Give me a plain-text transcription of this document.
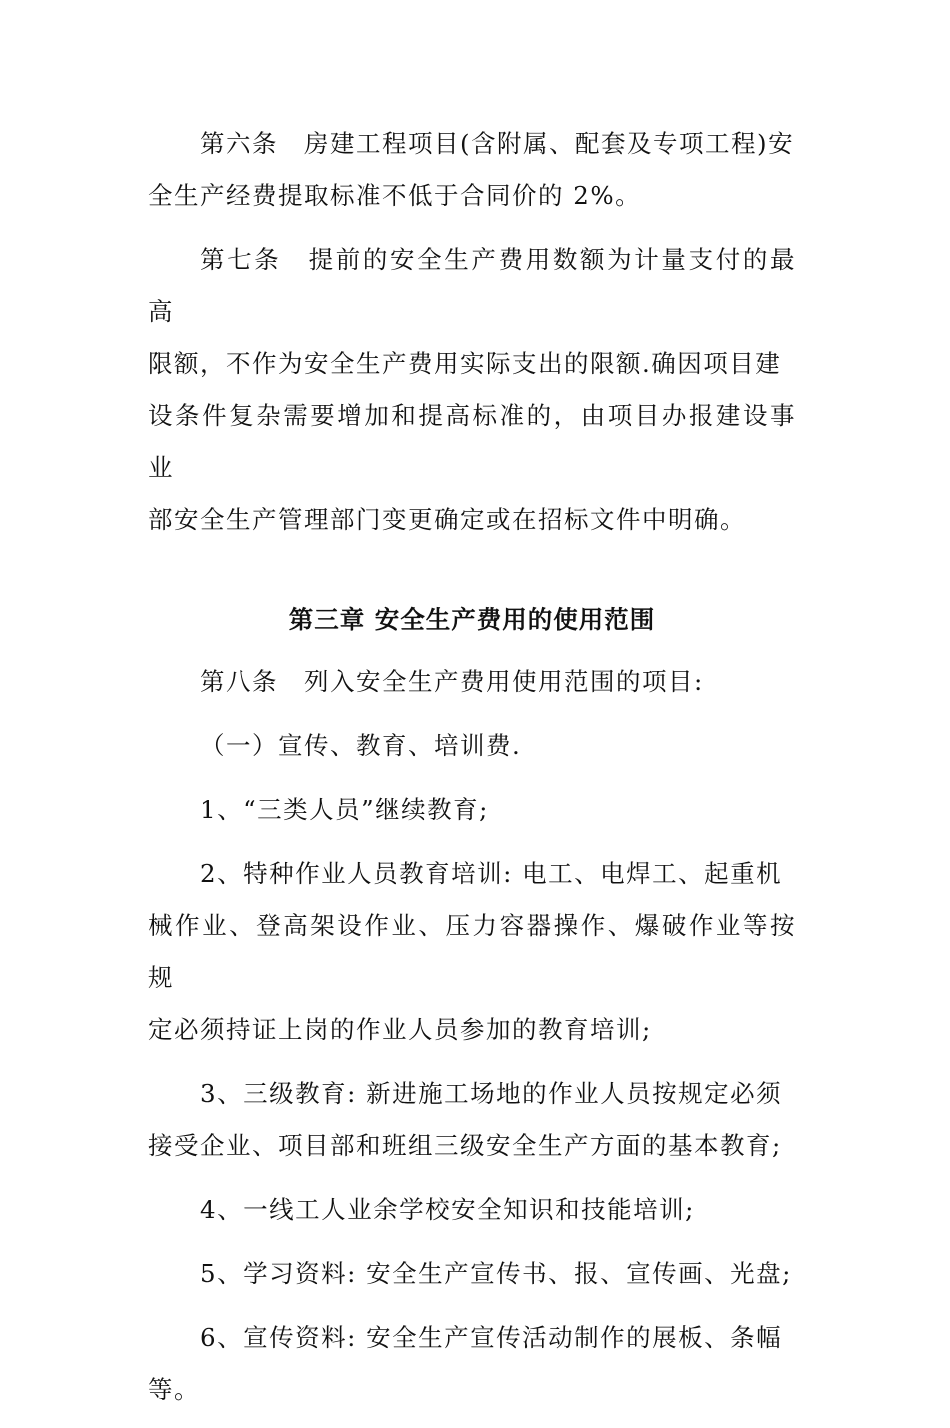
第六条 房建工程项目(含附属、配套及专项工程)安
全生产经费提取标准不低于合同价的 2%。

第七条 提前的安全生产费用数额为计量支付的最高
限额，不作为安全生产费用实际支出的限额.确因项目建
设条件复杂需要增加和提高标准的，由项目办报建设事业
部安全生产管理部门变更确定或在招标文件中明确。

第三章 安全生产费用的使用范围

第八条 列入安全生产费用使用范围的项目:

（一）宣传、教育、培训费.

1、“三类人员”继续教育;

2、特种作业人员教育培训: 电工、电焊工、起重机
械作业、登高架设作业、压力容器操作、爆破作业等按规
定必须持证上岗的作业人员参加的教育培训;

3、三级教育: 新进施工场地的作业人员按规定必须
接受企业、项目部和班组三级安全生产方面的基本教育;

4、一线工人业余学校安全知识和技能培训;

5、学习资料: 安全生产宣传书、报、宣传画、光盘;

6、宣传资料: 安全生产宣传活动制作的展板、条幅
等。
